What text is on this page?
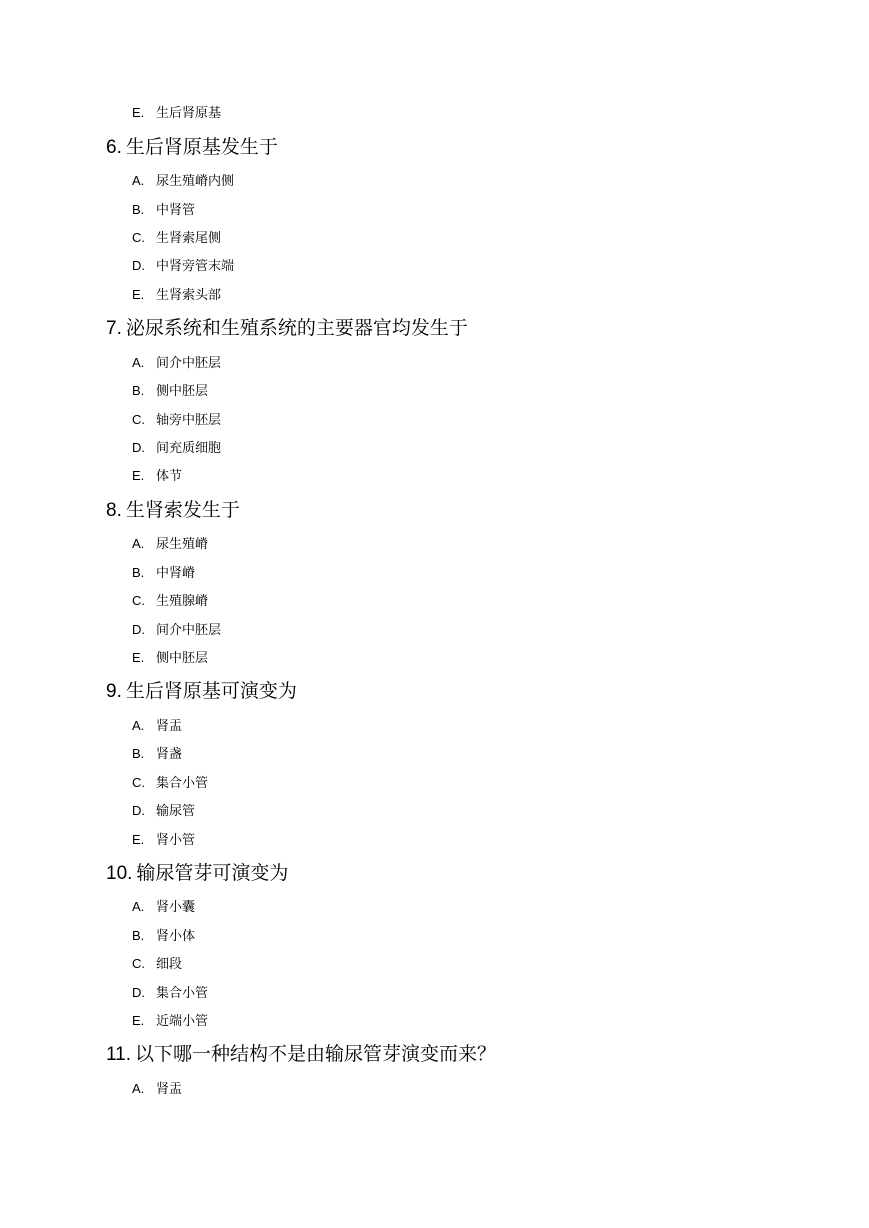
E. 生后肾原基
6. 生后肾原基发生于
A. 尿生殖嵴内侧
B. 中肾管
C. 生肾索尾侧
D. 中肾旁管末端
E. 生肾索头部
7. 泌尿系统和生殖系统的主要器官均发生于
A. 间介中胚层
B. 侧中胚层
C. 轴旁中胚层
D. 间充质细胞
E. 体节
8. 生肾索发生于
A. 尿生殖嵴
B. 中肾嵴
C. 生殖腺嵴
D. 间介中胚层
E. 侧中胚层
9. 生后肾原基可演变为
A. 肾盂
B. 肾盏
C. 集合小管
D. 输尿管
E. 肾小管
10. 输尿管芽可演变为
A. 肾小囊
B. 肾小体
C. 细段
D. 集合小管
E. 近端小管
11. 以下哪一种结构不是由输尿管芽演变而来？
A. 肾盂
